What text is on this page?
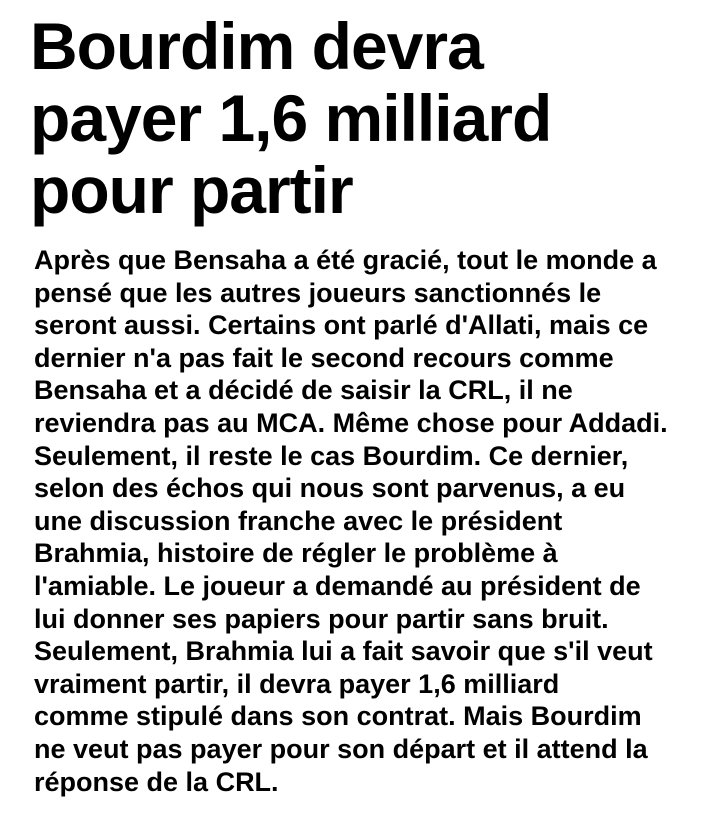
Bourdim devra
payer 1,6 milliard
pour partir

Après que Bensaha a été gracié, tout le monde a
pensé que les autres joueurs sanctionnés le
seront aussi. Certains ont parlé d'Allati, mais ce
dernier n'a pas fait le second recours comme
Bensaha et a décidé de saisir la CRL, il ne
reviendra pas au MCA. Même chose pour Addadi.
Seulement, il reste le cas Bourdim. Ce dernier,
selon des échos qui nous sont parvenus, a eu
une discussion franche avec le président
Brahmia, histoire de régler le problème à
l'amiable. Le joueur a demandé au président de
lui donner ses papiers pour partir sans bruit.
Seulement, Brahmia lui a fait savoir que s'il veut
vraiment partir, il devra payer 1,6 milliard
comme stipulé dans son contrat. Mais Bourdim
ne veut pas payer pour son départ et il attend la
réponse de la CRL.
